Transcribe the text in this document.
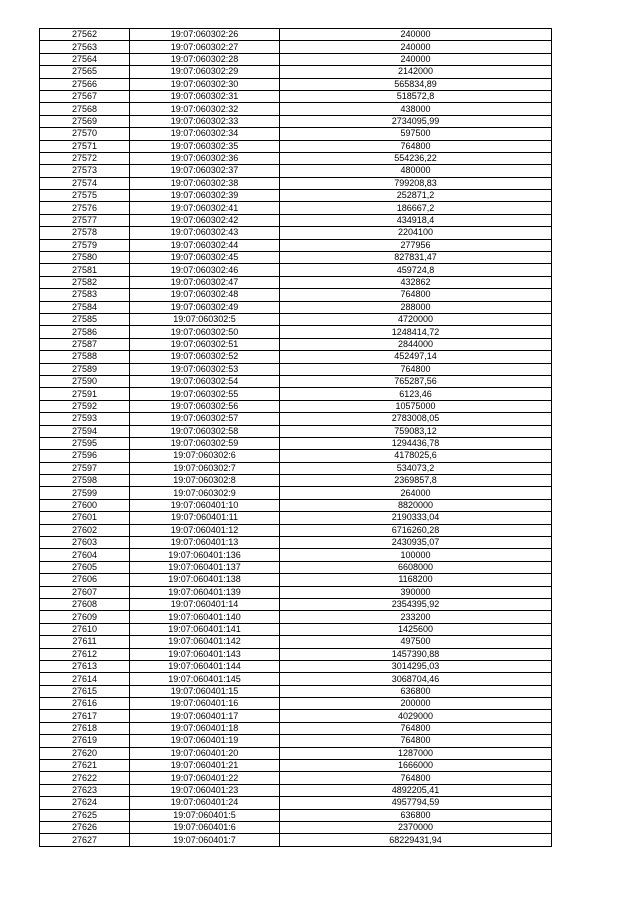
27562	19:07:060302:26	240000
27563	19:07:060302:27	240000
27564	19:07:060302:28	240000
27565	19:07:060302:29	2142000
27566	19:07:060302:30	565834,89
27567	19:07:060302:31	518572,8
27568	19:07:060302:32	438000
27569	19:07:060302:33	2734095,99
27570	19:07:060302:34	597500
27571	19:07:060302:35	764800
27572	19:07:060302:36	554236,22
27573	19:07:060302:37	480000
27574	19:07:060302:38	799208,83
27575	19:07:060302:39	252871,2
27576	19:07:060302:41	186667,2
27577	19:07:060302:42	434918,4
27578	19:07:060302:43	2204100
27579	19:07:060302:44	277956
27580	19:07:060302:45	827831,47
27581	19:07:060302:46	459724,8
27582	19:07:060302:47	432862
27583	19:07:060302:48	764800
27584	19:07:060302:49	288000
27585	19:07:060302:5	4720000
27586	19:07:060302:50	1248414,72
27587	19:07:060302:51	2844000
27588	19:07:060302:52	452497,14
27589	19:07:060302:53	764800
27590	19:07:060302:54	765287,56
27591	19:07:060302:55	6123,46
27592	19:07:060302:56	10575000
27593	19:07:060302:57	2783008,05
27594	19:07:060302:58	759083,12
27595	19:07:060302:59	1294436,78
27596	19:07:060302:6	4178025,6
27597	19:07:060302:7	534073,2
27598	19:07:060302:8	2369857,8
27599	19:07:060302:9	264000
27600	19:07:060401:10	8820000
27601	19:07:060401:11	2190333,04
27602	19:07:060401:12	6716260,28
27603	19:07:060401:13	2430935,07
27604	19:07:060401:136	100000
27605	19:07:060401:137	6608000
27606	19:07:060401:138	1168200
27607	19:07:060401:139	390000
27608	19:07:060401:14	2354395,92
27609	19:07:060401:140	233200
27610	19:07:060401:141	1425600
27611	19:07:060401:142	497500
27612	19:07:060401:143	1457390,88
27613	19:07:060401:144	3014295,03
27614	19:07:060401:145	3068704,46
27615	19:07:060401:15	636800
27616	19:07:060401:16	200000
27617	19:07:060401:17	4029000
27618	19:07:060401:18	764800
27619	19:07:060401:19	764800
27620	19:07:060401:20	1287000
27621	19:07:060401:21	1666000
27622	19:07:060401:22	764800
27623	19:07:060401:23	4892205,41
27624	19:07:060401:24	4957794,59
27625	19:07:060401:5	636800
27626	19:07:060401:6	2370000
27627	19:07:060401:7	68229431,94
